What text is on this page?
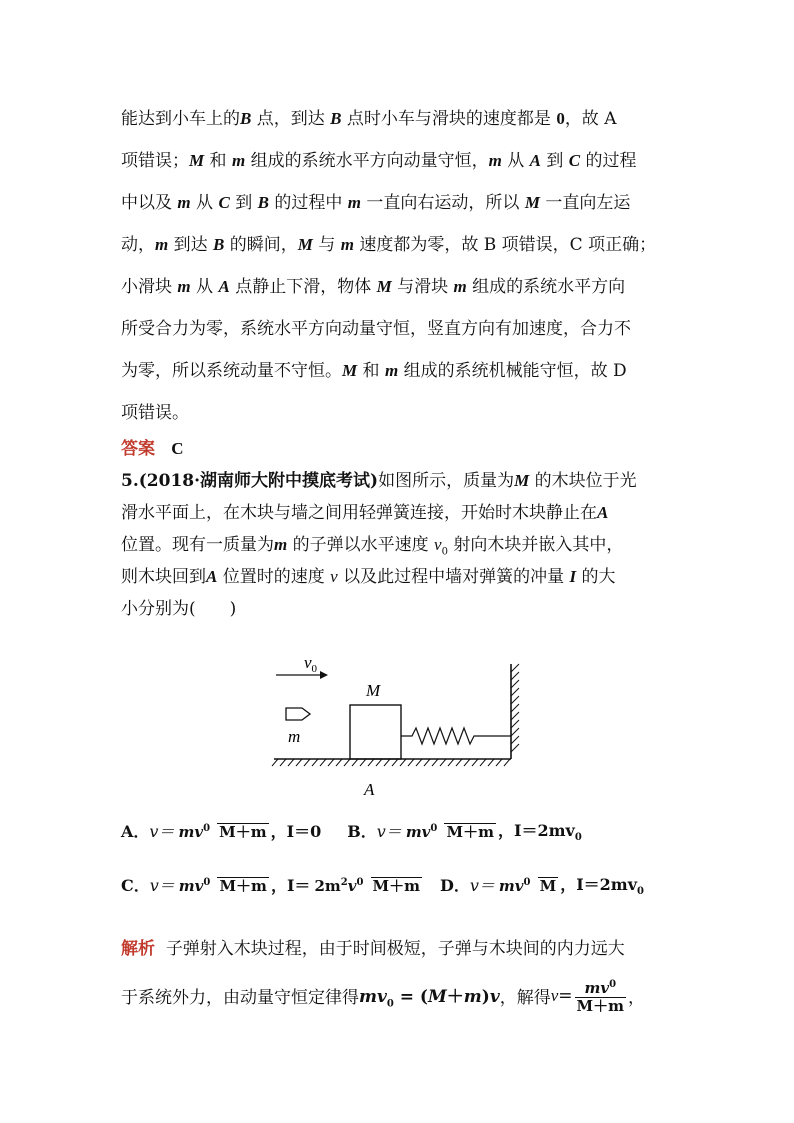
能达到小车上的B 点，到达 B 点时小车与滑块的速度都是 0，故 A
项错误；M 和 m 组成的系统水平方向动量守恒，m 从 A 到 C 的过程
中以及 m 从 C 到 B 的过程中 m 一直向右运动，所以 M 一直向左运
动，m 到达 B 的瞬间，M 与 m 速度都为零，故 B 项错误，C 项正确；
小滑块 m 从 A 点静止下滑，物体 M 与滑块 m 组成的系统水平方向
所受合力为零，系统水平方向动量守恒，竖直方向有加速度，合力不
为零，所以系统动量不守恒。M 和 m 组成的系统机械能守恒，故 D
项错误。
答案 C
5.(2018·湖南师大附中摸底考试)如图所示，质量为M 的木块位于光
滑水平面上，在木块与墙之间用轻弹簧连接，开始时木块静止在A
位置。现有一质量为m 的子弹以水平速度 $v_0$ 射向木块并嵌入其中，
则木块回到A 位置时的速度 v 以及此过程中墙对弹簧的冲量 I 的大
小分别为(　　)
$v_0$
m
M
A
A． $v= mv^0$ M＋m ，I＝0 B． $v= mv^0$ M＋m ，$I=2mv_0$
C． $v= mv^0$ M＋m ，$I= 2m^2v^0$ M＋m D． $v= mv^0$ M ，$I=2mv_0$
解析 子弹射入木块过程，由于时间极短，子弹与木块间的内力远大
于系统外力，由动量守恒定律得 $mv_0 = (M+m)v$ ，解得 $v = \frac{mv^0}{M+m}$ ，
